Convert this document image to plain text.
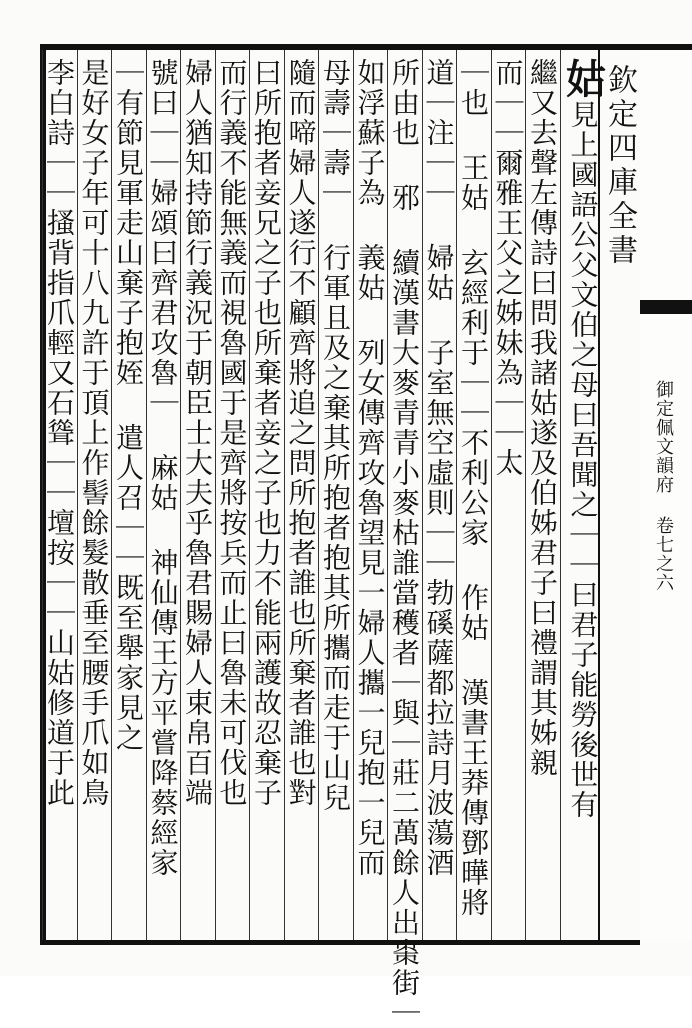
欽定四庫全書
御定佩文韻府 卷七之六
姑見上國語公父文伯之母曰吾聞之｜｜曰君子能勞後世有
繼又去聲左傳詩曰問我諸姑遂及伯姊君子曰禮謂其姊親
而｜｜爾雅王父之姊妹為｜｜太
｜也 王姑 玄經利于｜｜不利公家 作姑 漢書王莽傳鄧曄將
道｜注｜｜ 婦姑 子室無空虛則｜｜勃磎薩都拉詩月波蕩酒
所由也 邪 續漢書大麥青青小麥枯誰當穫者｜與｜莊二萬餘人出棗街｜
如浮蘇子為 義姑 列女傳齊攻魯望見一婦人攜一兒抱一兒而
母壽｜壽｜ 行軍且及之棄其所抱者抱其所攜而走于山兒
隨而啼婦人遂行不顧齊將追之問所抱者誰也所棄者誰也對
曰所抱者妾兄之子也所棄者妾之子也力不能兩護故忍棄子
而行義不能無義而視魯國于是齊將按兵而止曰魯未可伐也
婦人猶知持節行義況于朝臣士大夫乎魯君賜婦人束帛百端
號曰｜｜婦頌曰齊君攻魯｜ 麻姑 神仙傳王方平嘗降蔡經家
｜有節見軍走山棄子抱姪 遣人召｜｜既至舉家見之
是好女子年可十八九許于頂上作髻餘髮散垂至腰手爪如鳥
李白詩｜｜搔背指爪輕又石聳｜｜壇按｜｜山姑修道于此
